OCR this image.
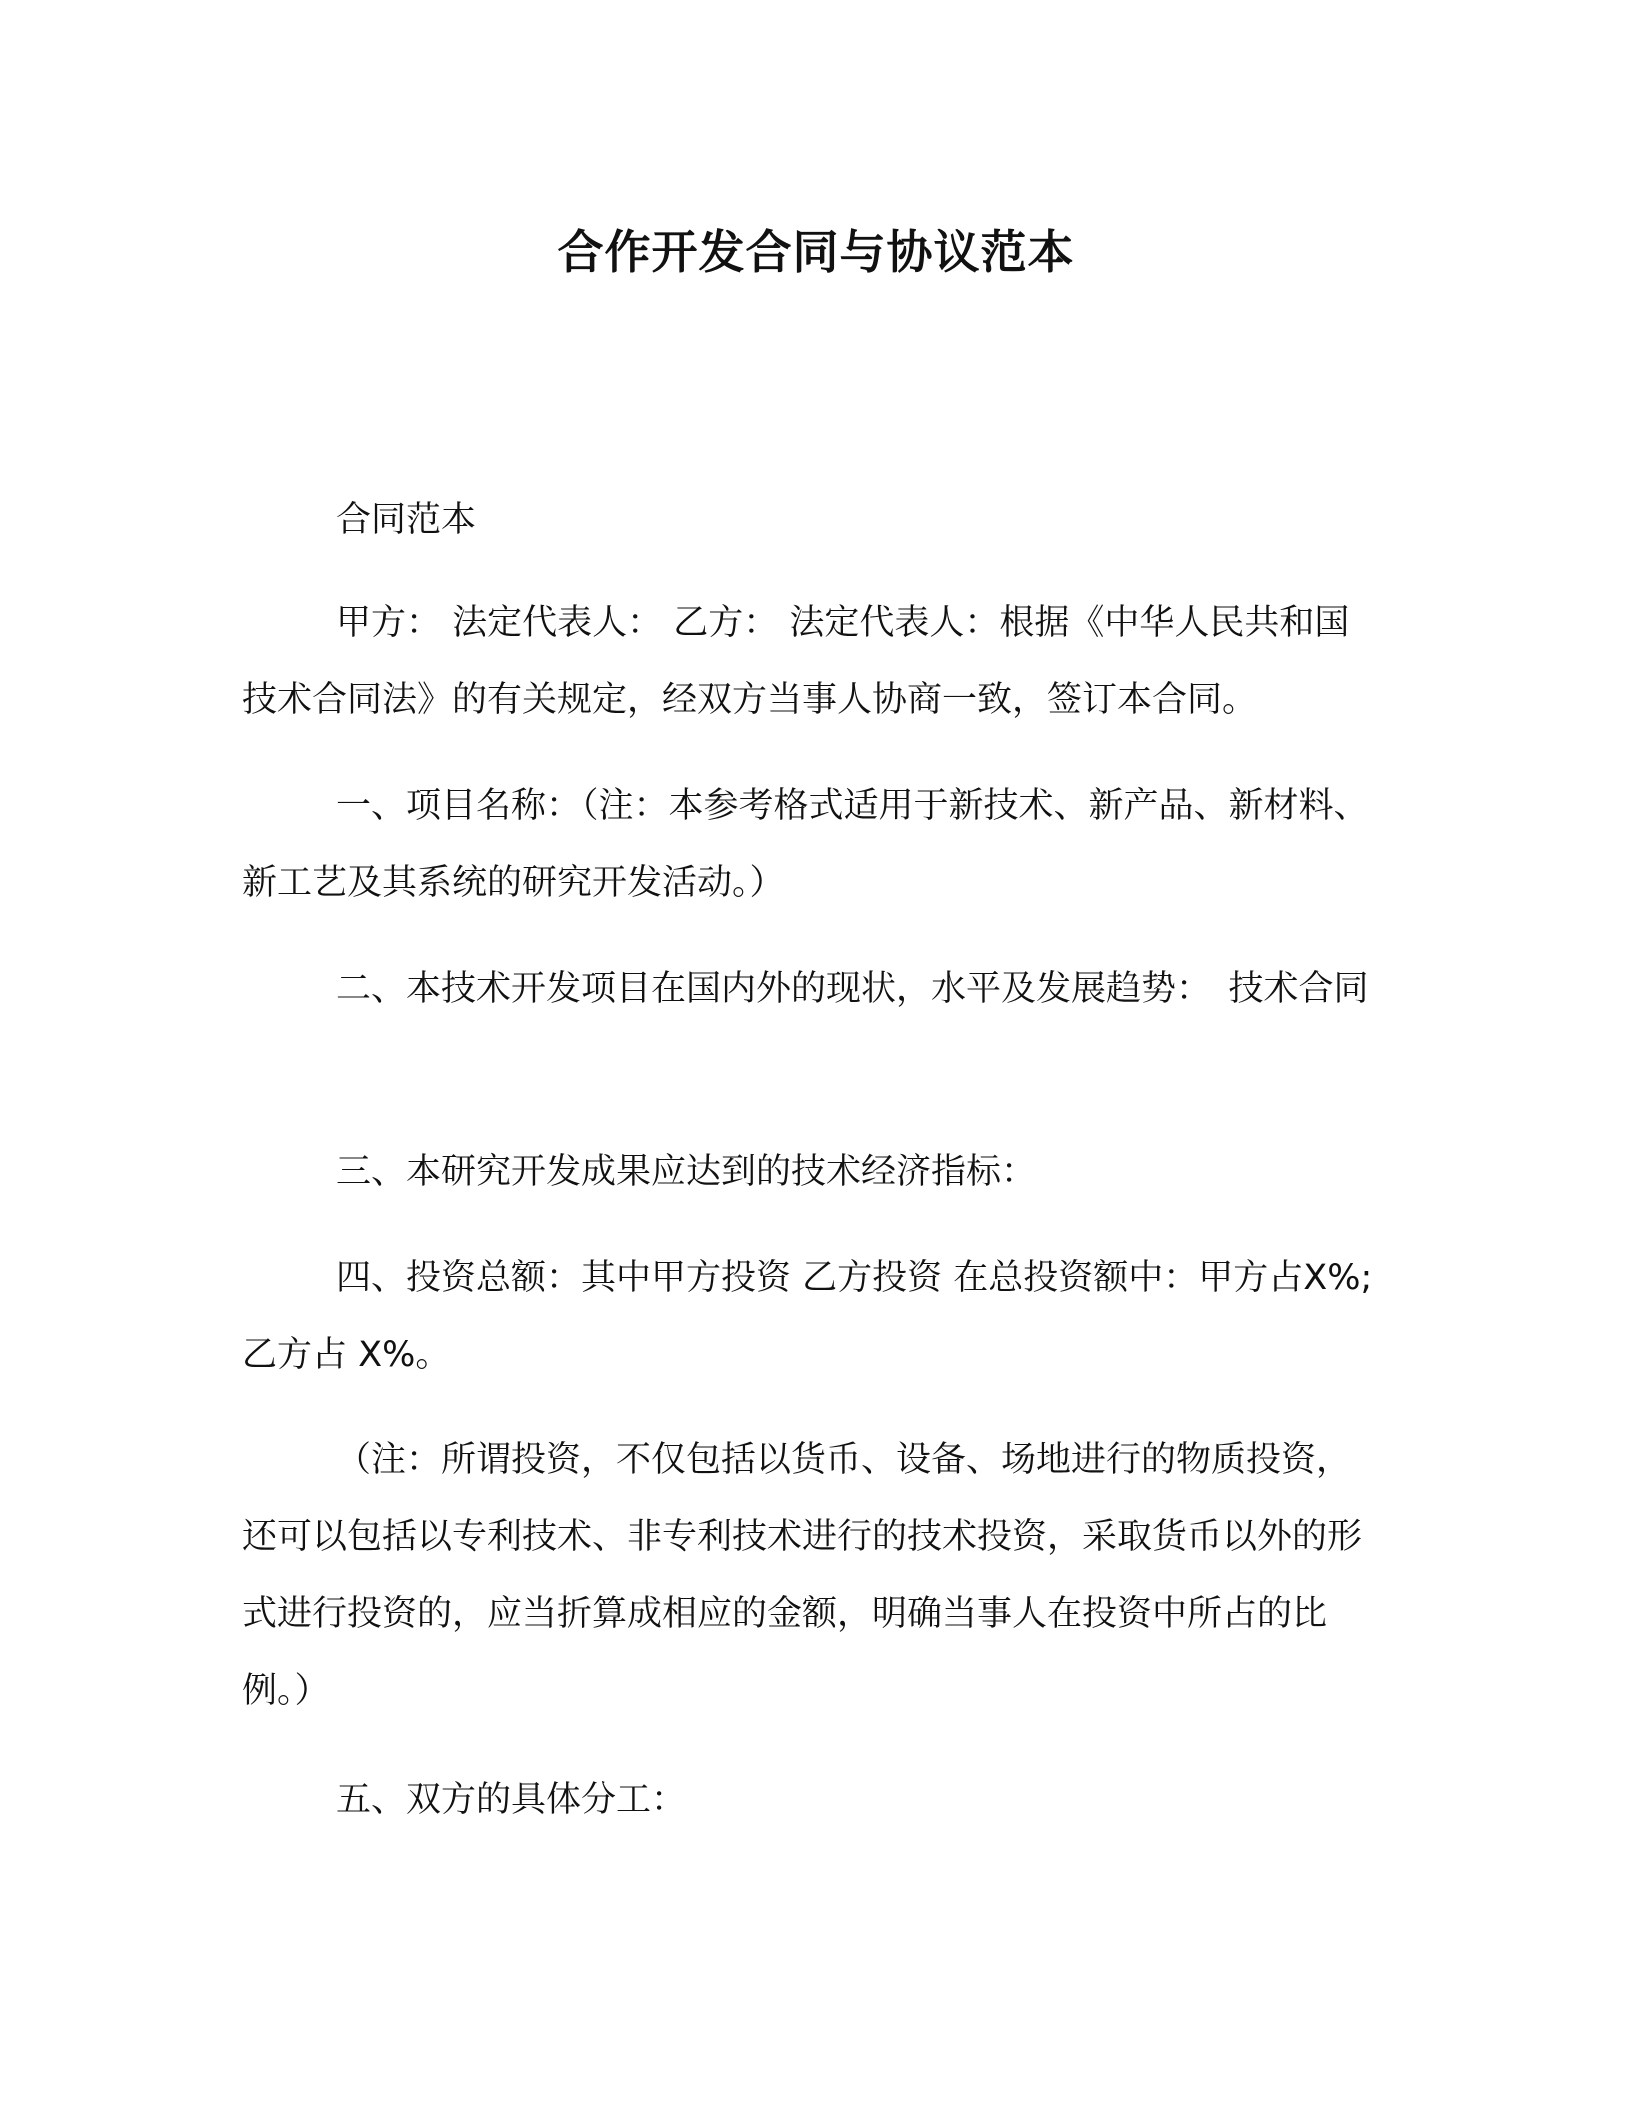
合作开发合同与协议范本

合同范本

甲方： 法定代表人： 乙方： 法定代表人：根据《中华人民共和国技术合同法》的有关规定，经双方当事人协商一致，签订本合同。

一、项目名称：（注：本参考格式适用于新技术、新产品、新材料、新工艺及其系统的研究开发活动。）

二、本技术开发项目在国内外的现状，水平及发展趋势：　技术合同

三、本研究开发成果应达到的技术经济指标：

四、投资总额：其中甲方投资 乙方投资 在总投资额中：甲方占X%;乙方占 X%。

（注：所谓投资，不仅包括以货币、设备、场地进行的物质投资，还可以包括以专利技术、非专利技术进行的技术投资，采取货币以外的形式进行投资的，应当折算成相应的金额，明确当事人在投资中所占的比例。）

五、双方的具体分工：
